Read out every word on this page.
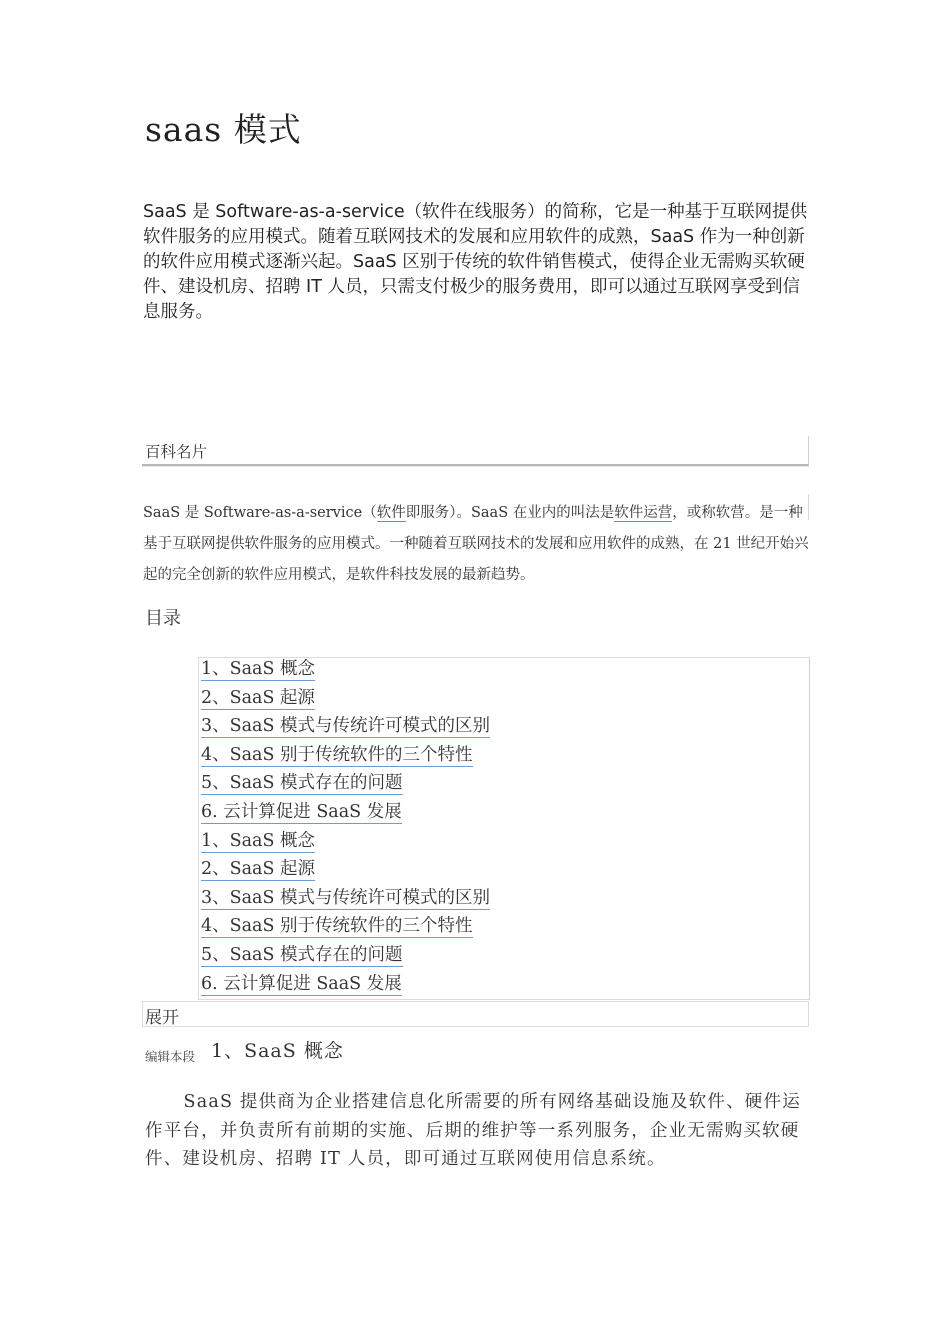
saas 模式
SaaS 是 Software-as-a-service（软件在线服务）的简称，它是一种基于互联网提供软件服务的应用模式。随着互联网技术的发展和应用软件的成熟，SaaS 作为一种创新的软件应用模式逐渐兴起。SaaS 区别于传统的软件销售模式，使得企业无需购买软硬件、建设机房、招聘 IT 人员，只需支付极少的服务费用，即可以通过互联网享受到信息服务。
百科名片
SaaS 是 Software-as-a-service（软件即服务）。SaaS 在业内的叫法是软件运营，或称软营。是一种基于互联网提供软件服务的应用模式。一种随着互联网技术的发展和应用软件的成熟，在 21 世纪开始兴起的完全创新的软件应用模式，是软件科技发展的最新趋势。
目录
1、SaaS 概念
2、SaaS 起源
3、SaaS 模式与传统许可模式的区别
4、SaaS 别于传统软件的三个特性
5、SaaS 模式存在的问题
6. 云计算促进 SaaS 发展
1、SaaS 概念
2、SaaS 起源
3、SaaS 模式与传统许可模式的区别
4、SaaS 别于传统软件的三个特性
5、SaaS 模式存在的问题
6. 云计算促进 SaaS 发展
展开
编辑本段 1、SaaS 概念
SaaS 提供商为企业搭建信息化所需要的所有网络基础设施及软件、硬件运作平台，并负责所有前期的实施、后期的维护等一系列服务，企业无需购买软硬件、建设机房、招聘 IT 人员，即可通过互联网使用信息系统。
